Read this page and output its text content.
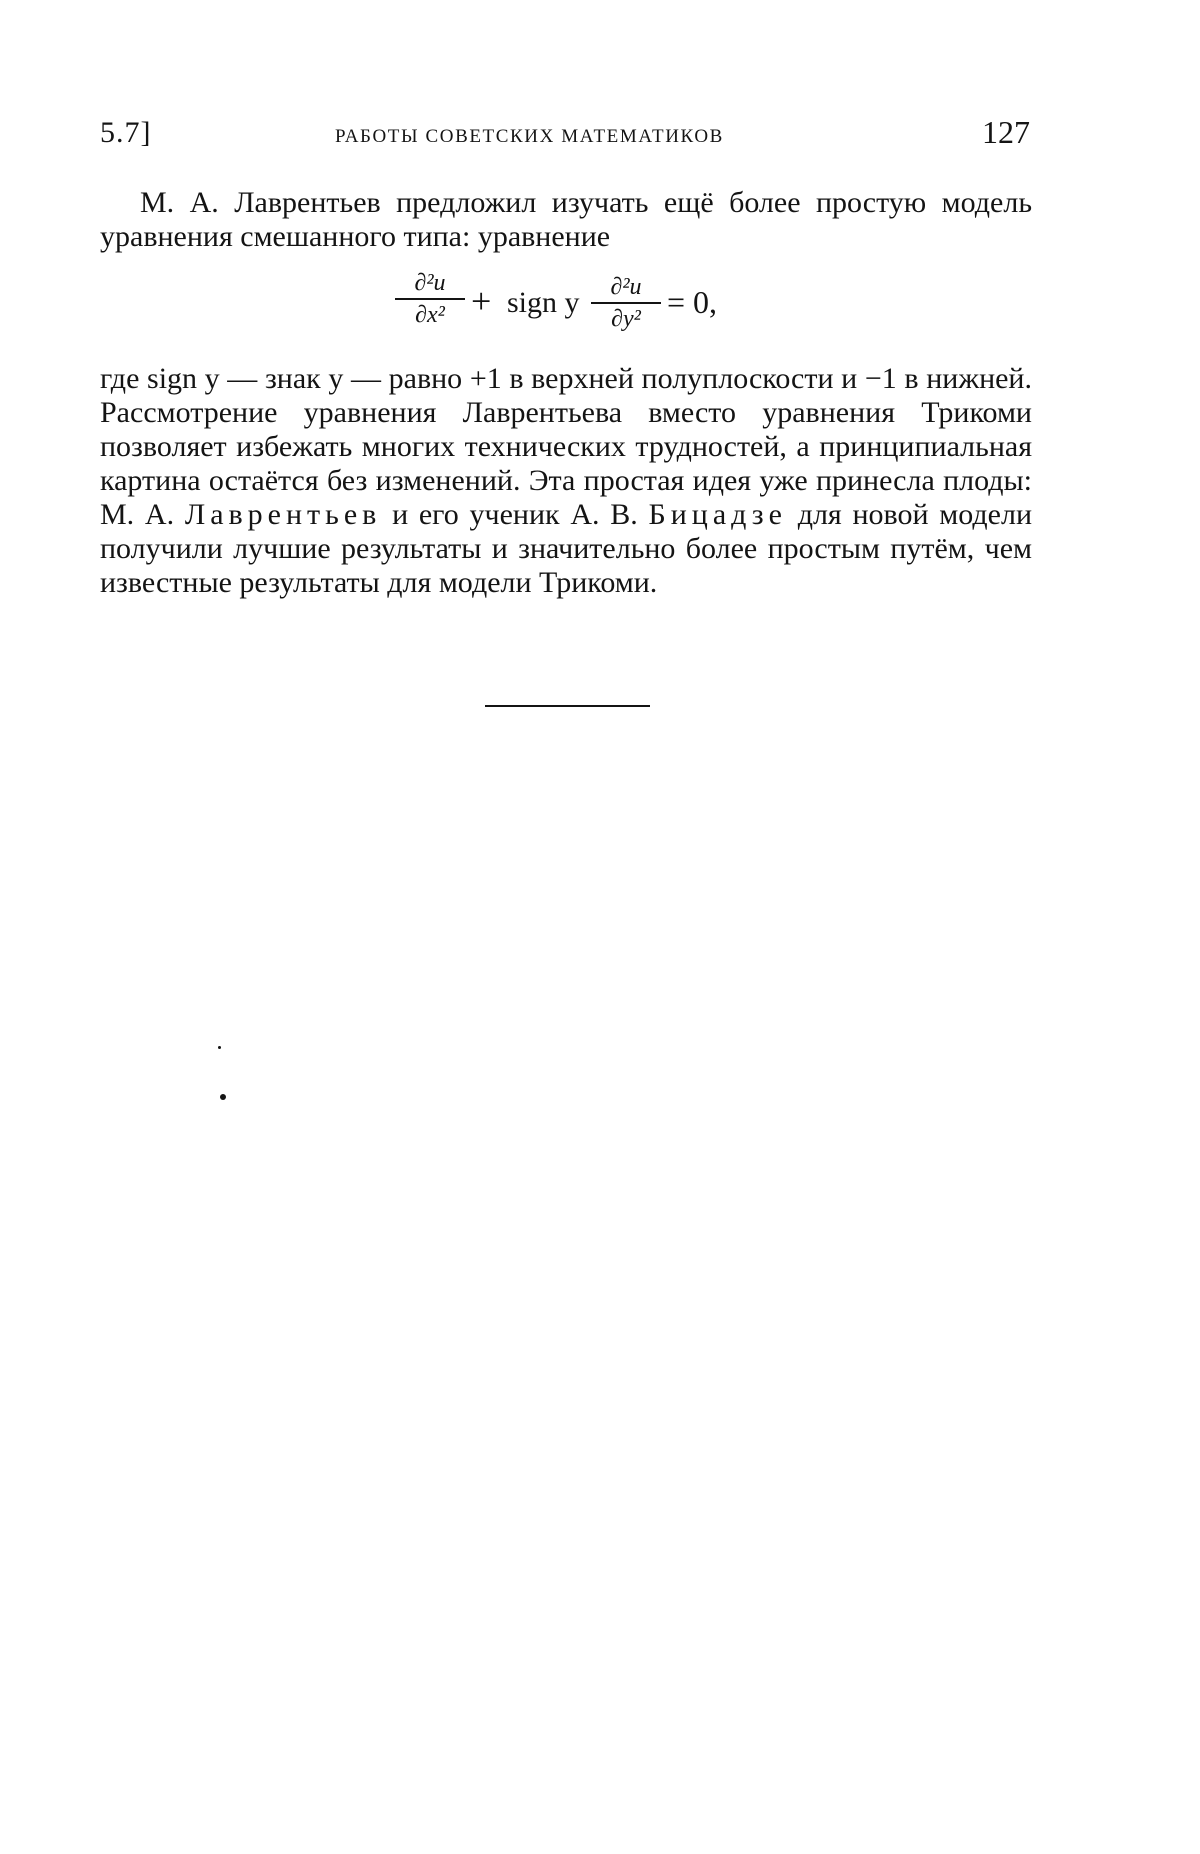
5.7]	РАБОТЫ СОВЕТСКИХ МАТЕМАТИКОВ	127
М. А. Лаврентьев предложил изучать ещё более простую модель уравнения смешанного типа: уравнение
∂²u
∂x² + sign y	∂²u
∂y² = 0,
где sign y — знак y — равно +1 в верхней полуплоскости и −1 в нижней. Рассмотрение уравнения Лаврентьева вместо уравнения Трикоми позволяет избежать многих технических трудностей, а принципиальная картина остаётся без изменений. Эта простая идея уже принесла плоды: М. А. Лаврентьев и его ученик А. В. Бицадзе для новой модели получили лучшие результаты и значительно более простым путём, чем известные результаты для модели Трикоми.
